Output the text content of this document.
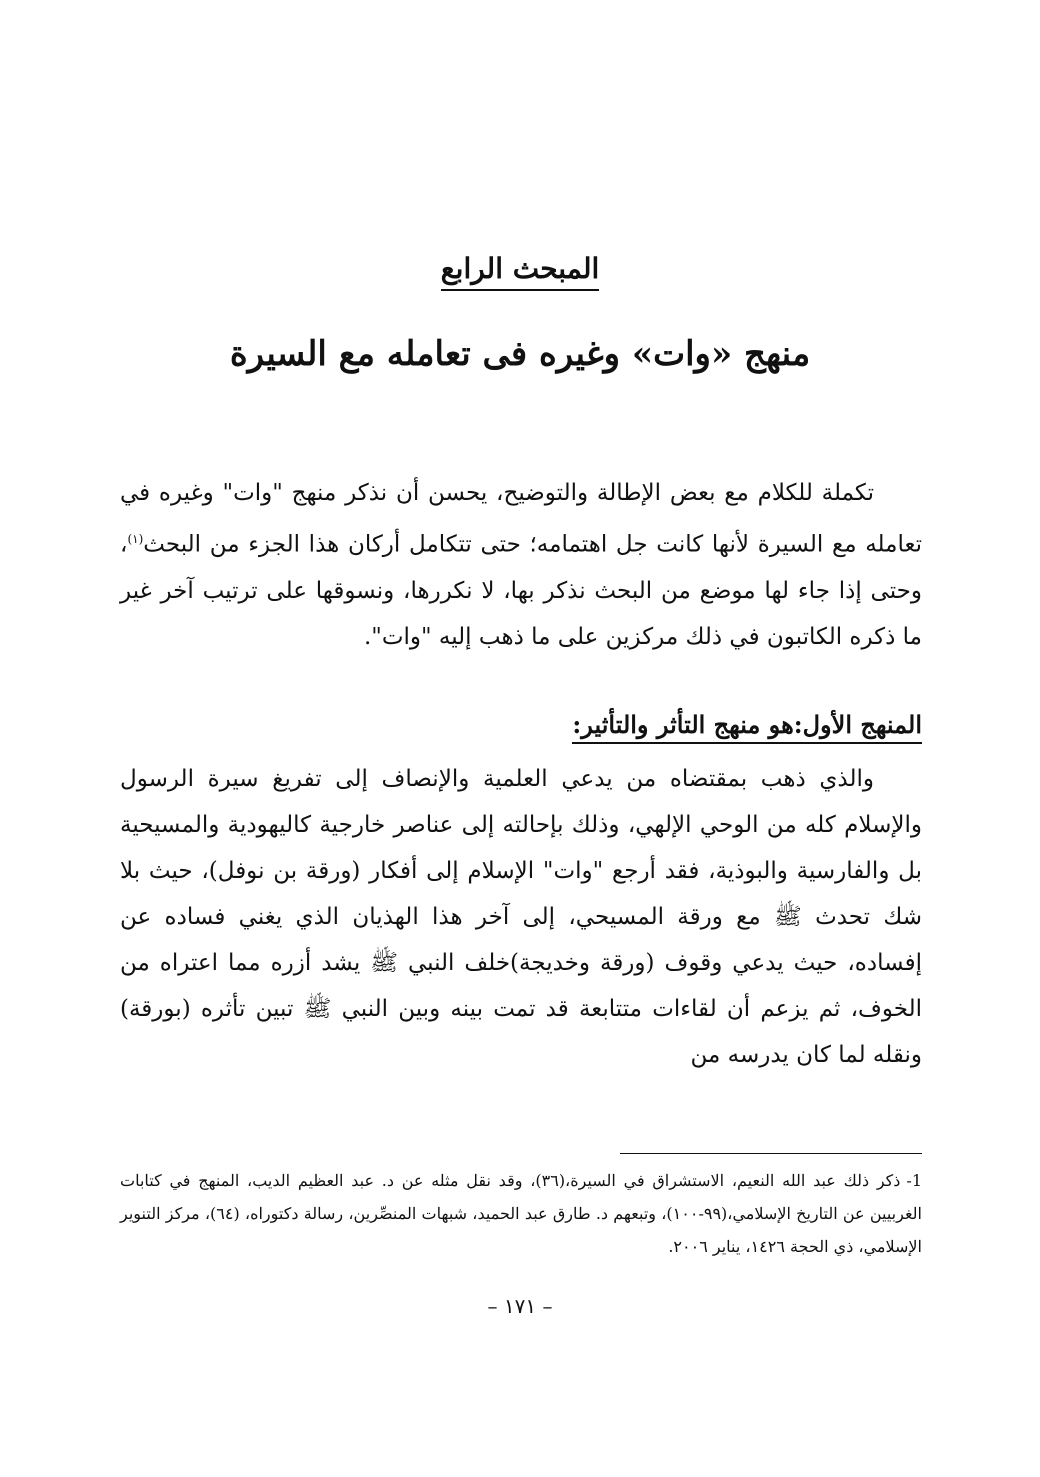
المبحث الرابع
منهج «وات» وغيره فى تعامله مع السيرة

تكملة للكلام مع بعض الإطالة والتوضيح، يحسن أن نذكر منهج "وات" وغيره في تعامله مع السيرة لأنها كانت جل اهتمامه؛ حتى تتكامل أركان هذا الجزء من البحث$^{(١)}$، وحتى إذا جاء لها موضع من البحث نذكر بها، لا نكررها، ونسوقها على ترتيب آخر غير ما ذكره الكاتبون في ذلك مركزين على ما ذهب إليه "وات".

المنهج الأول:هو منهج التأثر والتأثير:

والذي ذهب بمقتضاه من يدعي العلمية والإنصاف إلى تفريغ سيرة الرسول والإسلام كله من الوحي الإلهي، وذلك بإحالته إلى عناصر خارجية كاليهودية والمسيحية بل والفارسية والبوذية، فقد أرجع "وات" الإسلام إلى أفكار (ورقة بن نوفل)، حيث بلا شك تحدث ﷺ مع ورقة المسيحي، إلى آخر هذا الهذيان الذي يغني فساده عن إفساده، حيث يدعي وقوف (ورقة وخديجة)خلف النبي ﷺ يشد أزره مما اعتراه من الخوف، ثم يزعم أن لقاءات متتابعة قد تمت بينه وبين النبي ﷺ تبين تأثره (بورقة) ونقله لما كان يدرسه من

1-ذكر ذلك عبد الله النعيم، الاستشراق في السيرة،(٣٦)، وقد نقل مثله عن د. عبد العظيم الديب، المنهج في كتابات الغربيين عن التاريخ الإسلامي،(٩٩-١٠٠)، وتبعهم د. طارق عبد الحميد، شبهات المنصِّرين، رسالة دكتوراه، (٦٤)، مركز التنوير الإسلامي، ذي الحجة ١٤٢٦، يناير ٢٠٠٦.

– ١٧١ –
